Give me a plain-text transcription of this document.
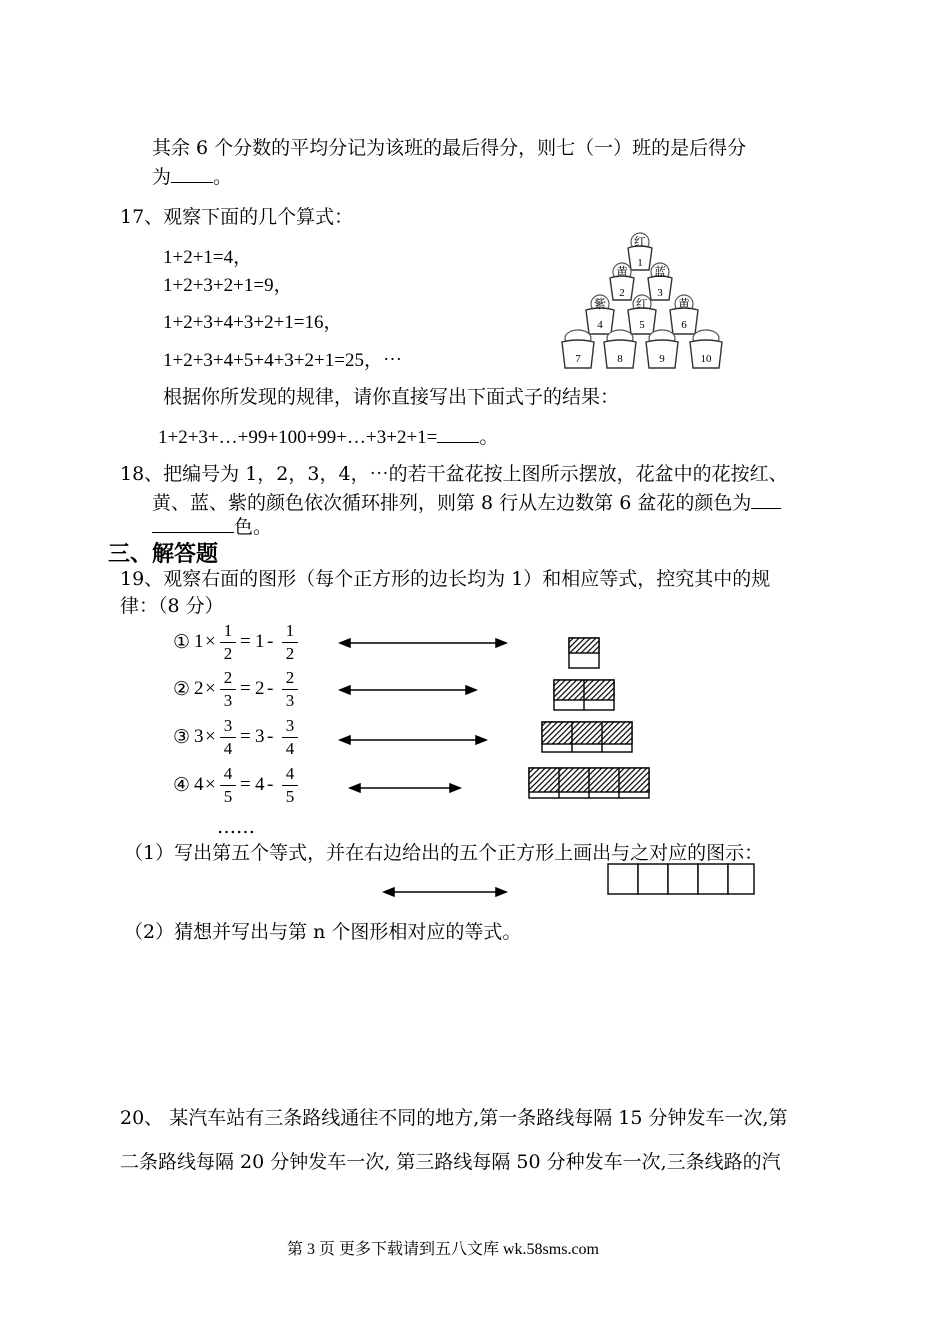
其余 6 个分数的平均分记为该班的最后得分，则七（一）班的是后得分
为 。
17、观察下面的几个算式：
1+2+1=4，
1+2+3+2+1=9，
1+2+3+4+3+2+1=16，
1+2+3+4+5+4+3+2+1=25，⋯
根据你所发现的规律，请你直接写出下面式子的结果：
1+2+3+…+99+100+99+…+3+2+1= 。
红
1
黄
2
蓝
3
紫
4
红
5
黄
6
7	8	9	10
18、把编号为 1，2，3，4，⋯的若干盆花按上图所示摆放，花盆中的花按红、
黄、蓝、紫的颜色依次循环排列，则第 8 行从左边数第 6 盆花的颜色为
色。
三、解答题
19、观察右面的图形（每个正方形的边长均为 1）和相应等式，控究其中的规
律：（8 分）
① 1 ×
1
2
= 1 -
1
2
② 2 ×
2
3
= 2 -
2
3
③ 3 ×
3
4
= 3 -
3
4
④ 4 ×
4
5
= 4 -
4
5
……
（1）写出第五个等式，并在右边给出的五个正方形上画出与之对应的图示：
（2）猜想并写出与第 n 个图形相对应的等式。
20、 某汽车站有三条路线通往不同的地方,第一条路线每隔 15 分钟发车一次,第
二条路线每隔 20 分钟发车一次, 第三路线每隔 50 分种发车一次,三条线路的汽
第 3 页 更多下载请到五八文库 wk.58sms.com
